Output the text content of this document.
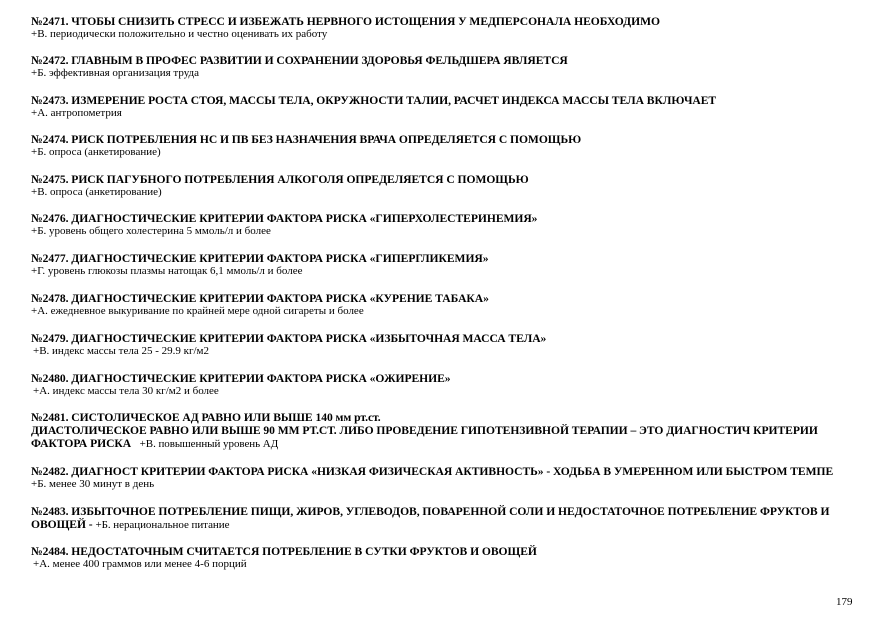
№2471. ЧТОБЫ СНИЗИТЬ СТРЕСС И ИЗБЕЖАТЬ НЕРВНОГО ИСТОЩЕНИЯ У МЕДПЕРСОНАЛА НЕОБХОДИМО
+В. периодически положительно и честно оценивать их работу
№2472. ГЛАВНЫМ В ПРОФЕС РАЗВИТИИ И СОХРАНЕНИИ ЗДОРОВЬЯ ФЕЛЬДШЕРА ЯВЛЯЕТСЯ
+Б. эффективная организация труда
№2473. ИЗМЕРЕНИЕ РОСТА СТОЯ, МАССЫ ТЕЛА, ОКРУЖНОСТИ ТАЛИИ, РАСЧЕТ ИНДЕКСА МАССЫ ТЕЛА ВКЛЮЧАЕТ
+А. антропометрия
№2474. РИСК ПОТРЕБЛЕНИЯ НС И ПВ БЕЗ НАЗНАЧЕНИЯ ВРАЧА ОПРЕДЕЛЯЕТСЯ С ПОМОЩЬЮ
+Б. опроса (анкетирование)
№2475. РИСК ПАГУБНОГО ПОТРЕБЛЕНИЯ АЛКОГОЛЯ ОПРЕДЕЛЯЕТСЯ С ПОМОЩЬЮ
+В. опроса (анкетирование)
№2476. ДИАГНОСТИЧЕСКИЕ КРИТЕРИИ ФАКТОРА РИСКА «ГИПЕРХОЛЕСТЕРИНЕМИЯ»
+Б. уровень общего холестерина 5 ммоль/л и более
№2477. ДИАГНОСТИЧЕСКИЕ КРИТЕРИИ ФАКТОРА РИСКА «ГИПЕРГЛИКЕМИЯ»
+Г. уровень глюкозы плазмы натощак 6,1 ммоль/л и более
№2478. ДИАГНОСТИЧЕСКИЕ КРИТЕРИИ ФАКТОРА РИСКА «КУРЕНИЕ ТАБАКА»
+А. ежедневное выкуривание по крайней мере одной сигареты и более
№2479. ДИАГНОСТИЧЕСКИЕ КРИТЕРИИ ФАКТОРА РИСКА «ИЗБЫТОЧНАЯ МАССА ТЕЛА»
+В. индекс массы тела 25 - 29.9 кг/м2
№2480. ДИАГНОСТИЧЕСКИЕ КРИТЕРИИ ФАКТОРА РИСКА «ОЖИРЕНИЕ»
+А. индекс массы тела 30 кг/м2 и более
№2481. СИСТОЛИЧЕСКОЕ АД РАВНО ИЛИ ВЫШЕ 140 мм рт.ст.
ДИАСТОЛИЧЕСКОЕ РАВНО ИЛИ ВЫШЕ 90 ММ РТ.СТ. ЛИБО ПРОВЕДЕНИЕ ГИПОТЕНЗИВНОЙ ТЕРАПИИ – ЭТО ДИАГНОСТИЧ КРИТЕРИИ ФАКТОРА РИСКА +В. повышенный уровень АД
№2482. ДИАГНОСТ КРИТЕРИИ ФАКТОРА РИСКА «НИЗКАЯ ФИЗИЧЕСКАЯ АКТИВНОСТЬ» - ХОДЬБА В УМЕРЕННОМ ИЛИ БЫСТРОМ ТЕМПЕ
+Б. менее 30 минут в день
№2483. ИЗБЫТОЧНОЕ ПОТРЕБЛЕНИЕ ПИЩИ, ЖИРОВ, УГЛЕВОДОВ, ПОВАРЕННОЙ СОЛИ И НЕДОСТАТОЧНОЕ ПОТРЕБЛЕНИЕ ФРУКТОВ И ОВОЩЕЙ - +Б. нерациональное питание
№2484. НЕДОСТАТОЧНЫМ СЧИТАЕТСЯ ПОТРЕБЛЕНИЕ В СУТКИ ФРУКТОВ И ОВОЩЕЙ
+А. менее 400 граммов или менее 4-6 порций
179
